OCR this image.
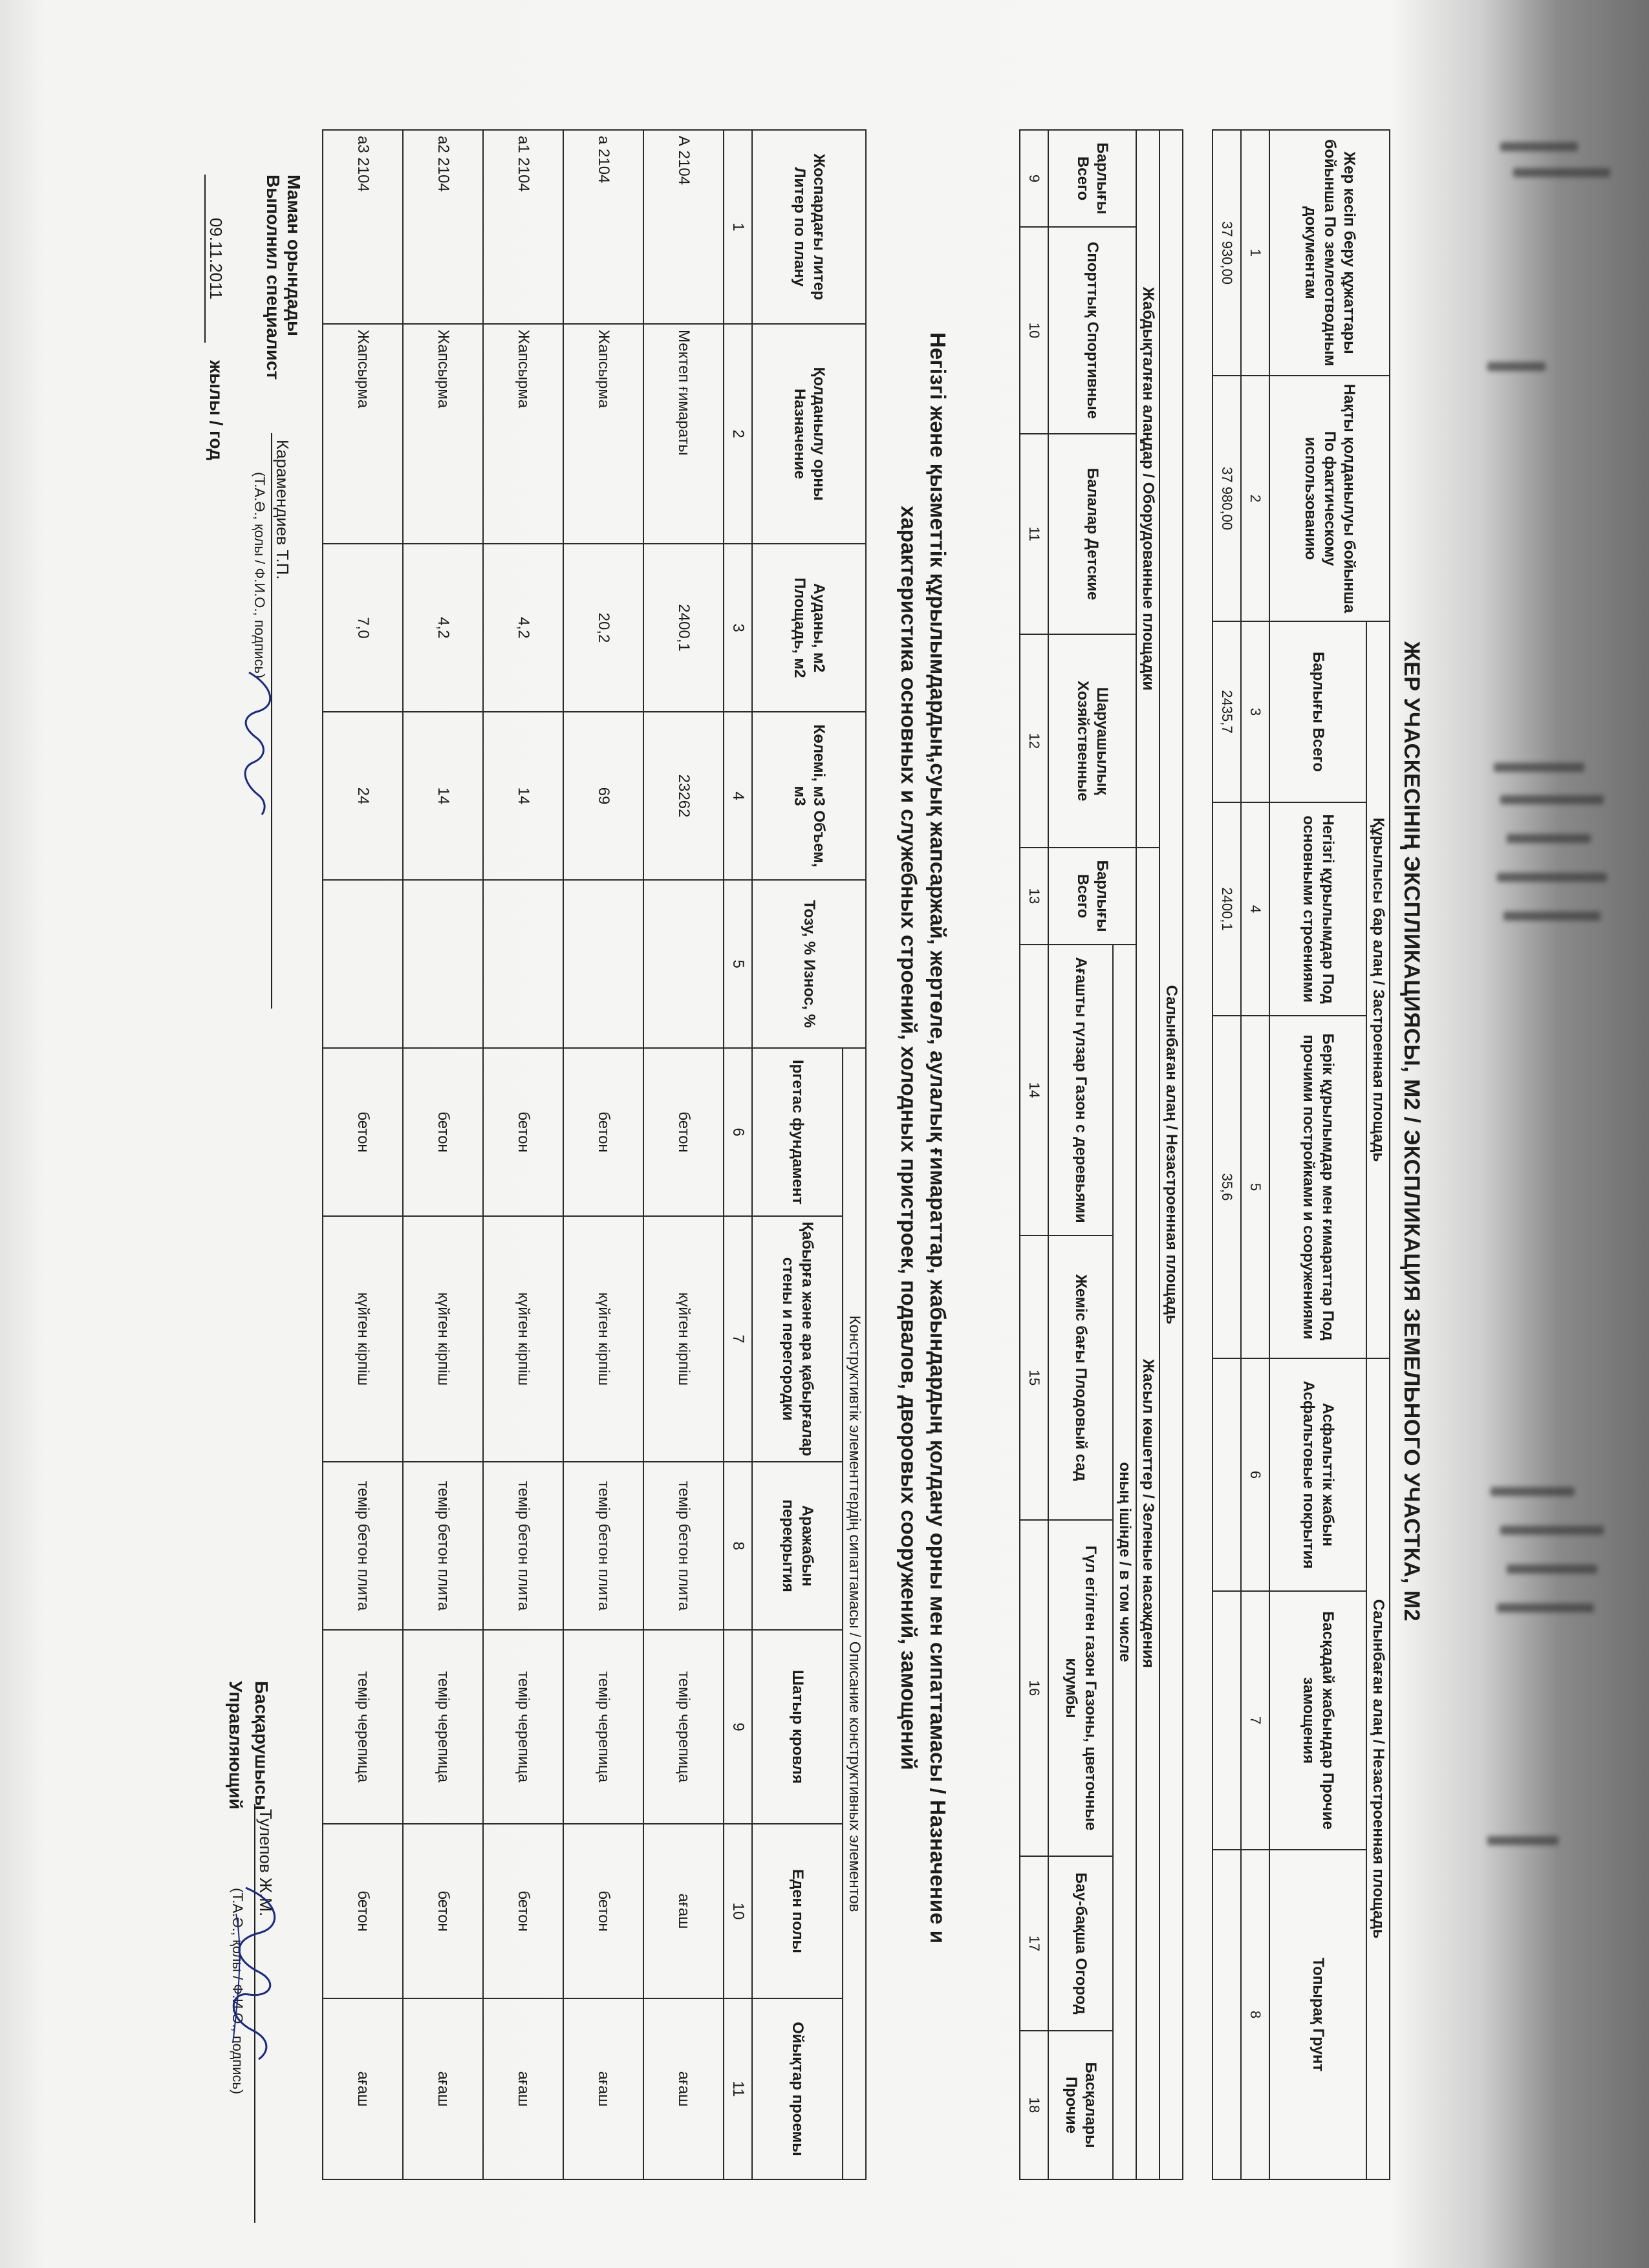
ЖЕР УЧАСКЕСІНІҢ ЭКСПЛИКАЦИЯСЫ, М2 / ЭКСПЛИКАЦИЯ ЗЕМЕЛЬНОГО УЧАСТКА, М2
Жер кесіп беру құжаттары бойынша По землеотводным документам	Нақты қолданылуы бойынша По фактическому использованию	Құрылысы бар алаң / Застроенная площадь			Салынбаған алаң / Незастроенная площадь		
		Барлығы Всего	Негізгі құрылымдар Под основными строениями	Берік құрылымдар мен ғимараттар Под прочими постройками и сооружениями	Асфальттік жабын Асфальтовые покрытия	Басқадай жабындар Прочие замощения	Топырақ Грунт
1	2	3	4	5	6	7	8
37 930,00	37 980,00	2435,7	2400,1	35,6			
Салынбаған алаң / Незастроенная площадь									
Жабдықталған алаңдар / Оборудованные площадки				Жасыл көшеттер / Зеленые насаждения					
Барлығы Всего	Спорттық Спортивные	Балалар Детские	Шаруашылық Хозяйственные	Барлығы Всего	оның ішінде / в том числе				
					Ағашты гүлзар Газон с деревьями	Жеміс бағы Плодовый сад	Гүл егілген газон Газоны, цветочные клумбы	Бау-бақша Огород	Басқалары Прочие
9	10	11	12	13	14	15	16	17	18
Негізгі және қызметтік құрылымдардың,суық жапсаржай, жертөле, аулалық ғимараттар, жабындардың қолдану орны мен сипаттамасы / Назначение и
характеристика основных и служебных строений, холодных пристроек, подвалов, дворовых сооружений, замощений
Жоспардағы литер Литер по плану	Қолданылу орны Назначение	Ауданы, м2 Площадь, м2	Көлемі, м3 Объем, м3	Тозу, % Износ, %	Конструктивтік элементтердің сипаттамасы / Описание конструктивных элементов					
					Іргетас фундамент	Қабырға және ара қабырғалар стены и перегородки	Аражабын перекрытия	Шатыр кровля	Еден полы	Ойықтар проемы
1	2	3	4	5	6	7	8	9	10	11
А 2104	Мектеп ғимараты	2400,1	23262		бетон	күйген кірпіш	темір бетон плита	темір черепица	ағаш	ағаш
а 2104	Жапсырма	20,2	69		бетон	күйген кірпіш	темір бетон плита	темір черепица	бетон	ағаш
а1 2104	Жапсырма	4,2	14		бетон	күйген кірпіш	темір бетон плита	темір черепица	бетон	ағаш
а2 2104	Жапсырма	4,2	14		бетон	күйген кірпіш	темір бетон плита	темір черепица	бетон	ағаш
а3 2104	Жапсырма	7,0	24		бетон	күйген кірпіш	темір бетон плита	темір черепица	бетон	ағаш
Маман орындады
Выполнил специалист
Карамендиев Т.П.
(Т.А.Ә., қолы / Ф.И.О., подпись)
09.11.2011 жылы / год
Басқарушысы
Тулепов Ж.М.
Управляющий
(Т.А.Ә., қолы / Ф.И.О., подпись)
